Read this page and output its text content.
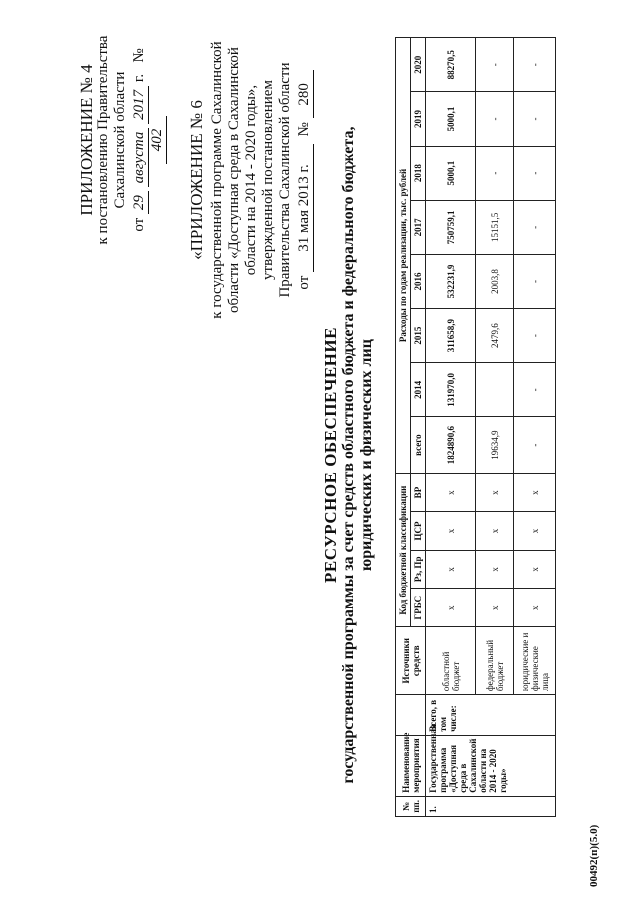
ПРИЛОЖЕНИЕ № 4 к постановлению Правительства Сахалинской области
от 29 августа 2017 г.   № 402 «ПРИЛОЖЕНИЕ № 6 к государственной программе Сахалинской области «Доступная среда в Сахалинской области на 2014 - 2020 годы», утвержденной постановлением Правительства Сахалинской области от 31 мая 2013 г.  № 280
РЕСУРСНОЕ ОБЕСПЕЧЕНИЕ государственной программы за счет средств областного бюджета и федерального бюджета, юридических и физических лиц
№ пп.	Наименование мероприятия		Источники средств	Код бюджетной классификации				Расходы по годам реализации, тыс. рублей							
				ГРБС	Рз, Пр	ЦСР	ВР	всего	2014	2015	2016	2017	2018	2019	2020

1.	Государственная программа «Доступная среда в Сахалинской области на 2014 - 2020 годы»	Всего, в том числе:	областной бюджет	х	х	х	х	1824890,6	131970,0	311658,9	532231,9	750759,1	5000,1	5000,1	88270,5
			федеральный бюджет	х	х	х	х	19634,9		2479,6	2003,8	15151,5	-	-	-
			юридические и физические лица	х	х	х	х	-	-	-	-	-	-	-	-
00492(п)(5.0)
